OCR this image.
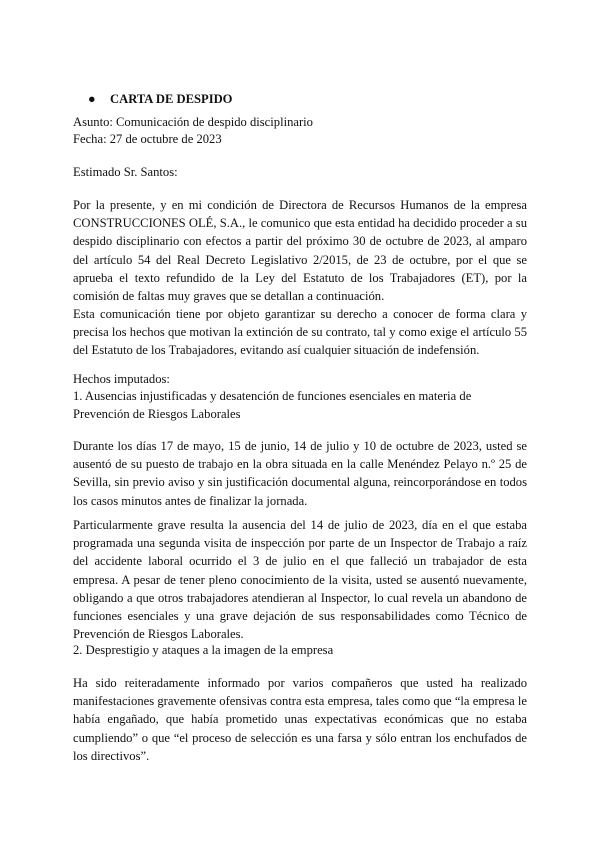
● CARTA DE DESPIDO

Asunto: Comunicación de despido disciplinario

Fecha: 27 de octubre de 2023

Estimado Sr. Santos:

Por la presente, y en mi condición de Directora de Recursos Humanos de la empresa CONSTRUCCIONES OLÉ, S.A., le comunico que esta entidad ha decidido proceder a su despido disciplinario con efectos a partir del próximo 30 de octubre de 2023, al amparo del artículo 54 del Real Decreto Legislativo 2/2015, de 23 de octubre, por el que se aprueba el texto refundido de la Ley del Estatuto de los Trabajadores (ET), por la comisión de faltas muy graves que se detallan a continuación.

Esta comunicación tiene por objeto garantizar su derecho a conocer de forma clara y precisa los hechos que motivan la extinción de su contrato, tal y como exige el artículo 55 del Estatuto de los Trabajadores, evitando así cualquier situación de indefensión.

Hechos imputados:

1. Ausencias injustificadas y desatención de funciones esenciales en materia de Prevención de Riesgos Laborales

Durante los días 17 de mayo, 15 de junio, 14 de julio y 10 de octubre de 2023, usted se ausentó de su puesto de trabajo en la obra situada en la calle Menéndez Pelayo n.º 25 de Sevilla, sin previo aviso y sin justificación documental alguna, reincorporándose en todos los casos minutos antes de finalizar la jornada.

Particularmente grave resulta la ausencia del 14 de julio de 2023, día en el que estaba programada una segunda visita de inspección por parte de un Inspector de Trabajo a raíz del accidente laboral ocurrido el 3 de julio en el que falleció un trabajador de esta empresa. A pesar de tener pleno conocimiento de la visita, usted se ausentó nuevamente, obligando a que otros trabajadores atendieran al Inspector, lo cual revela un abandono de funciones esenciales y una grave dejación de sus responsabilidades como Técnico de Prevención de Riesgos Laborales.

2. Desprestigio y ataques a la imagen de la empresa

Ha sido reiteradamente informado por varios compañeros que usted ha realizado manifestaciones gravemente ofensivas contra esta empresa, tales como que “la empresa le había engañado, que había prometido unas expectativas económicas que no estaba cumpliendo” o que “el proceso de selección es una farsa y sólo entran los enchufados de los directivos”.
